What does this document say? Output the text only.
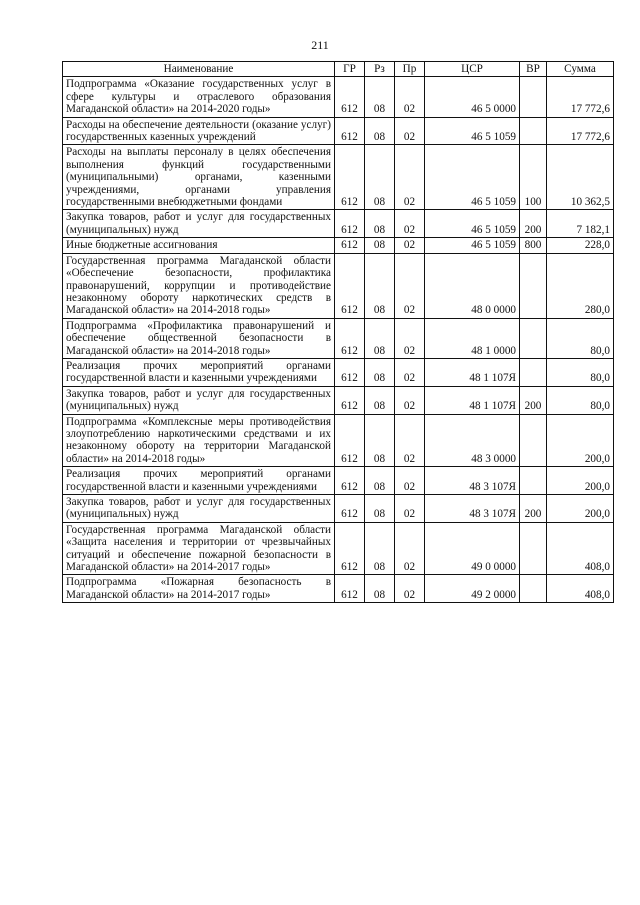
211
Наименование	ГР	Рз	Пр	ЦСР	ВР	Сумма
Подпрограмма «Оказание государственных услуг в сфере культуры и отраслевого образования Магаданской области» на 2014-2020 годы»	612	08	02	46 5 0000		17 772,6
Расходы на обеспечение деятельности (оказание услуг) государственных казенных учреждений	612	08	02	46 5 1059		17 772,6
Расходы на выплаты персоналу в целях обеспечения выполнения функций государственными (муниципальными) органами, казенными учреждениями, органами управления государственными внебюджетными фондами	612	08	02	46 5 1059	100	10 362,5
Закупка товаров, работ и услуг для государственных (муниципальных) нужд	612	08	02	46 5 1059	200	7 182,1
Иные бюджетные ассигнования	612	08	02	46 5 1059	800	228,0
Государственная программа Магаданской области «Обеспечение безопасности, профилактика правонарушений, коррупции и противодействие незаконному обороту наркотических средств в Магаданской области» на 2014-2018 годы»	612	08	02	48 0 0000		280,0
Подпрограмма «Профилактика правонарушений и обеспечение общественной безопасности в Магаданской области» на 2014-2018 годы»	612	08	02	48 1 0000		80,0
Реализация прочих мероприятий органами государственной власти и казенными учреждениями	612	08	02	48 1 107Я		80,0
Закупка товаров, работ и услуг для государственных (муниципальных) нужд	612	08	02	48 1 107Я	200	80,0
Подпрограмма «Комплексные меры противодействия злоупотреблению наркотическими средствами и их незаконному обороту на территории Магаданской области» на 2014-2018 годы»	612	08	02	48 3 0000		200,0
Реализация прочих мероприятий органами государственной власти и казенными учреждениями	612	08	02	48 3 107Я		200,0
Закупка товаров, работ и услуг для государственных (муниципальных) нужд	612	08	02	48 3 107Я	200	200,0
Государственная программа Магаданской области «Защита населения и территории от чрезвычайных ситуаций и обеспечение пожарной безопасности в Магаданской области» на 2014-2017 годы»	612	08	02	49 0 0000		408,0
Подпрограмма «Пожарная безопасность в Магаданской области» на 2014-2017 годы»	612	08	02	49 2 0000		408,0
